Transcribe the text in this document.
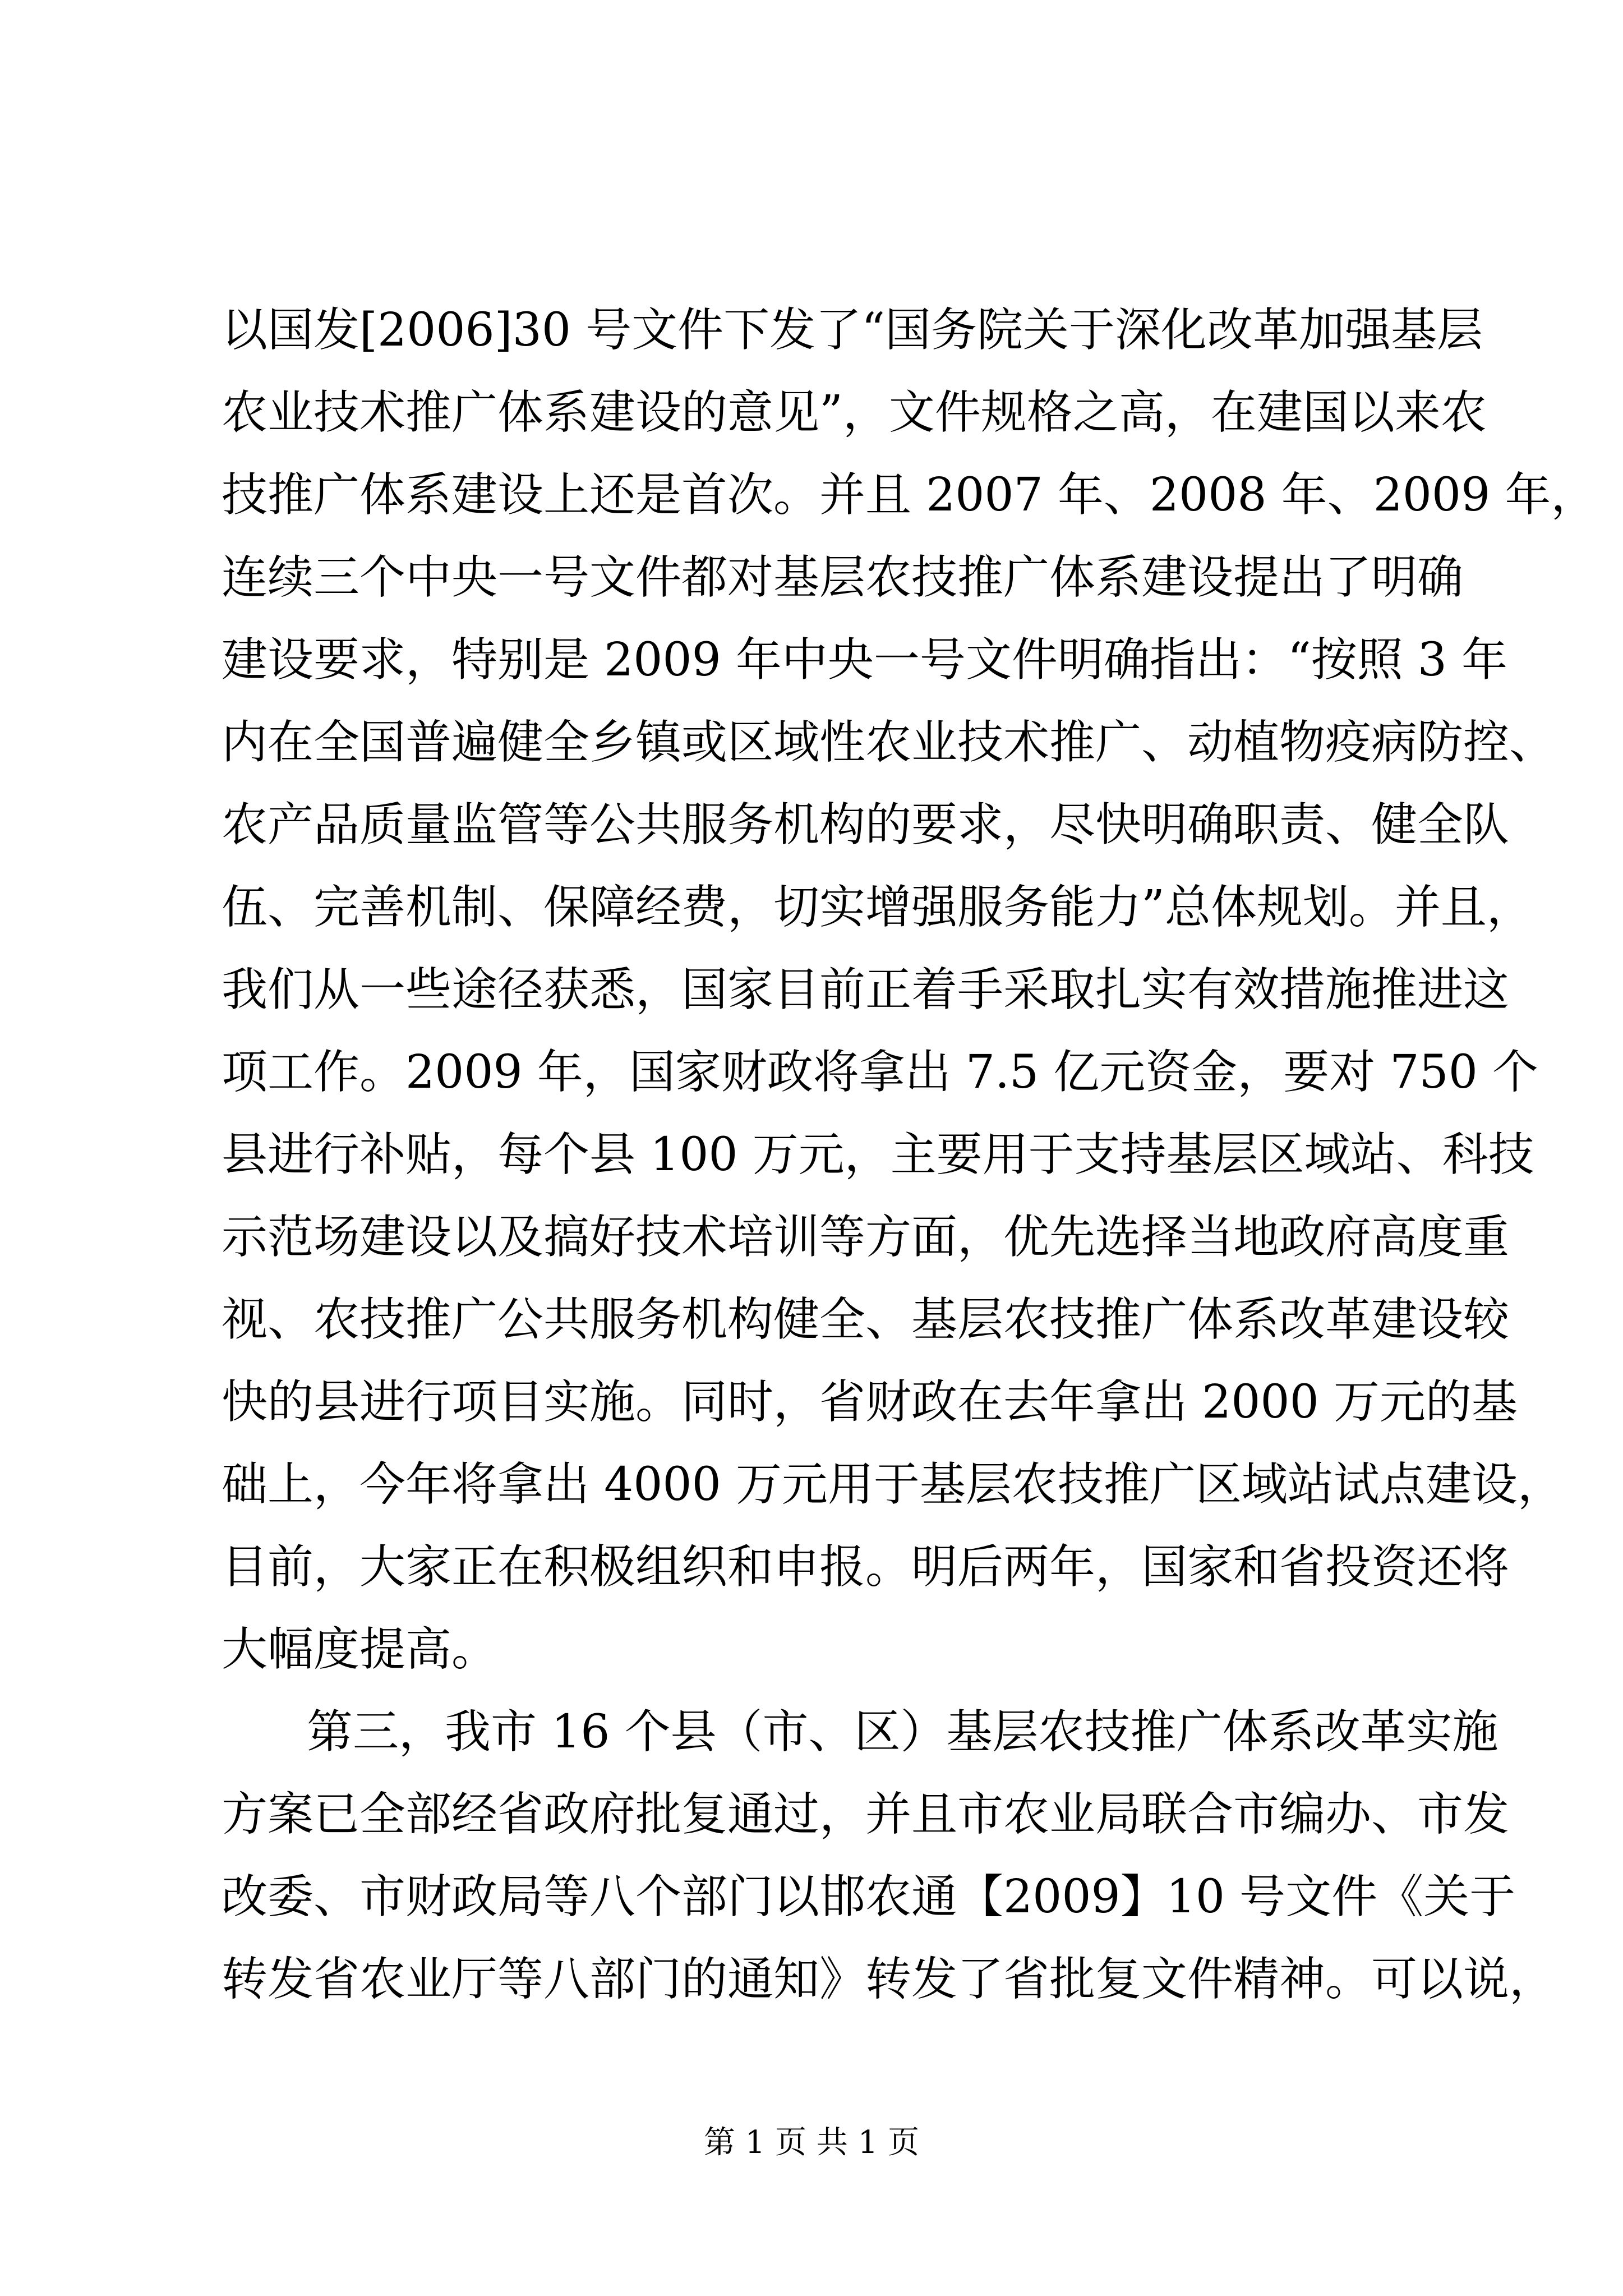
以国发[2006]30 号文件下发了“国务院关于深化改革加强基层
农业技术推广体系建设的意见”，文件规格之高，在建国以来农
技推广体系建设上还是首次。并且 2007 年、2008 年、2009 年，
连续三个中央一号文件都对基层农技推广体系建设提出了明确
建设要求，特别是 2009 年中央一号文件明确指出：“按照 3 年
内在全国普遍健全乡镇或区域性农业技术推广、动植物疫病防控、
农产品质量监管等公共服务机构的要求，尽快明确职责、健全队
伍、完善机制、保障经费，切实增强服务能力”总体规划。并且，
我们从一些途径获悉，国家目前正着手采取扎实有效措施推进这
项工作。2009 年，国家财政将拿出 7.5 亿元资金，要对 750 个
县进行补贴，每个县 100 万元，主要用于支持基层区域站、科技
示范场建设以及搞好技术培训等方面，优先选择当地政府高度重
视、农技推广公共服务机构健全、基层农技推广体系改革建设较
快的县进行项目实施。同时，省财政在去年拿出 2000 万元的基
础上，今年将拿出 4000 万元用于基层农技推广区域站试点建设，
目前，大家正在积极组织和申报。明后两年，国家和省投资还将
大幅度提高。
第三，我市 16 个县（市、区）基层农技推广体系改革实施
方案已全部经省政府批复通过，并且市农业局联合市编办、市发
改委、市财政局等八个部门以邯农通【2009】10 号文件《关于
转发省农业厅等八部门的通知》转发了省批复文件精神。可以说，
第 1 页 共 1 页
